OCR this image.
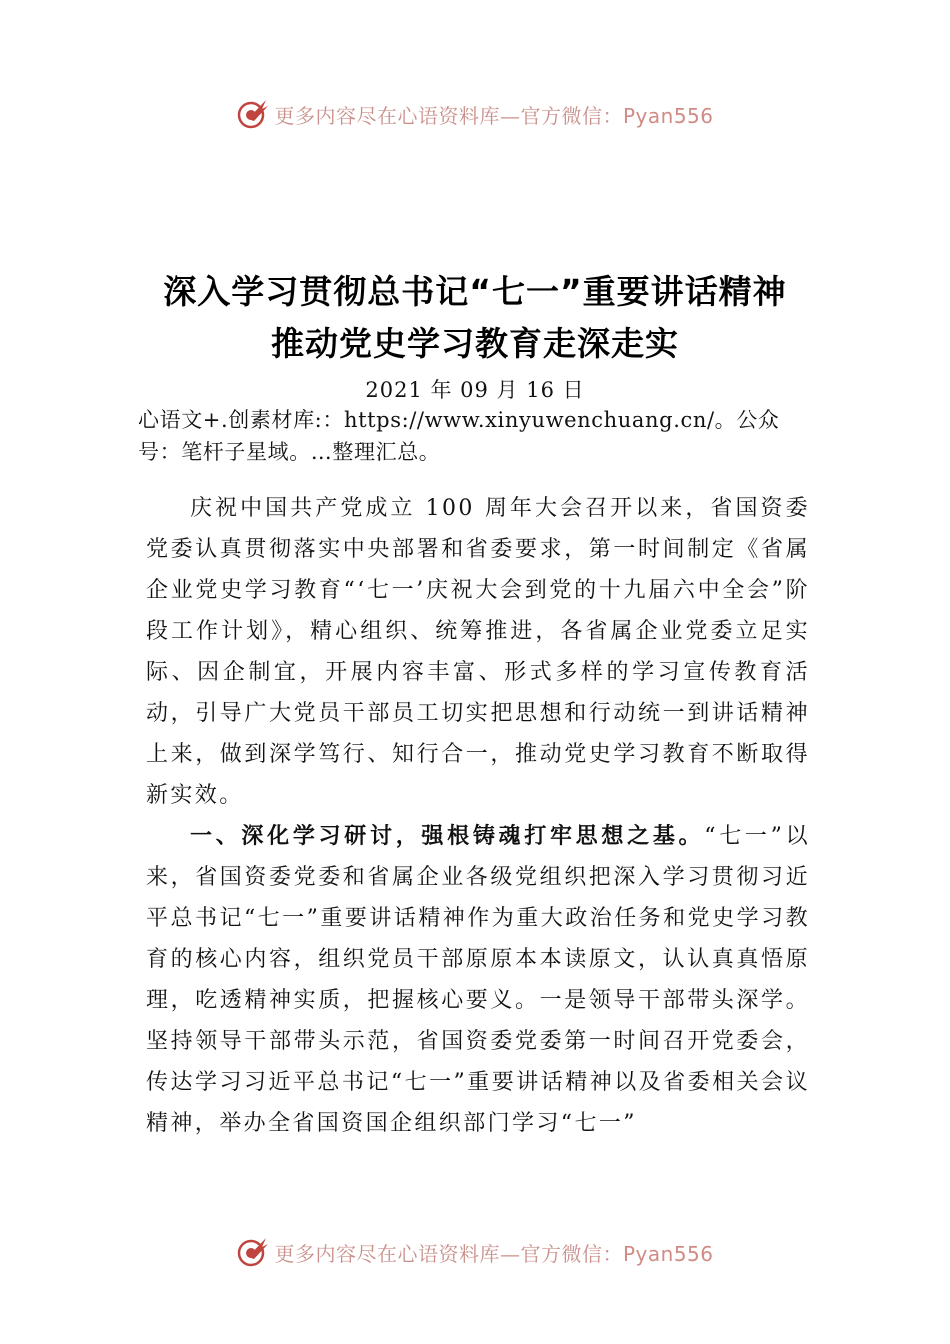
更多内容尽在心语资料库—官方微信：Pyan556
深入学习贯彻总书记“七一”重要讲话精神
推动党史学习教育走深走实
2021 年 09 月 16 日
心语文+.创素材库:：https://www.xinyuwenchuang.cn/。公众号：笔杆子星域。…整理汇总。

庆祝中国共产党成立 100 周年大会召开以来，省国资委党委认真贯彻落实中央部署和省委要求，第一时间制定《省属企业党史学习教育“‘七一’庆祝大会到党的十九届六中全会”阶段工作计划》，精心组织、统筹推进，各省属企业党委立足实际、因企制宜，开展内容丰富、形式多样的学习宣传教育活动，引导广大党员干部员工切实把思想和行动统一到讲话精神上来，做到深学笃行、知行合一，推动党史学习教育不断取得新实效。

一、深化学习研讨，强根铸魂打牢思想之基。“七一”以来，省国资委党委和省属企业各级党组织把深入学习贯彻习近平总书记“七一”重要讲话精神作为重大政治任务和党史学习教育的核心内容，组织党员干部原原本本读原文，认认真真悟原理，吃透精神实质，把握核心要义。一是领导干部带头深学。坚持领导干部带头示范，省国资委党委第一时间召开党委会，传达学习习近平总书记“七一”重要讲话精神以及省委相关会议精神，举办全省国资国企组织部门学习“七一”

更多内容尽在心语资料库—官方微信：Pyan556
